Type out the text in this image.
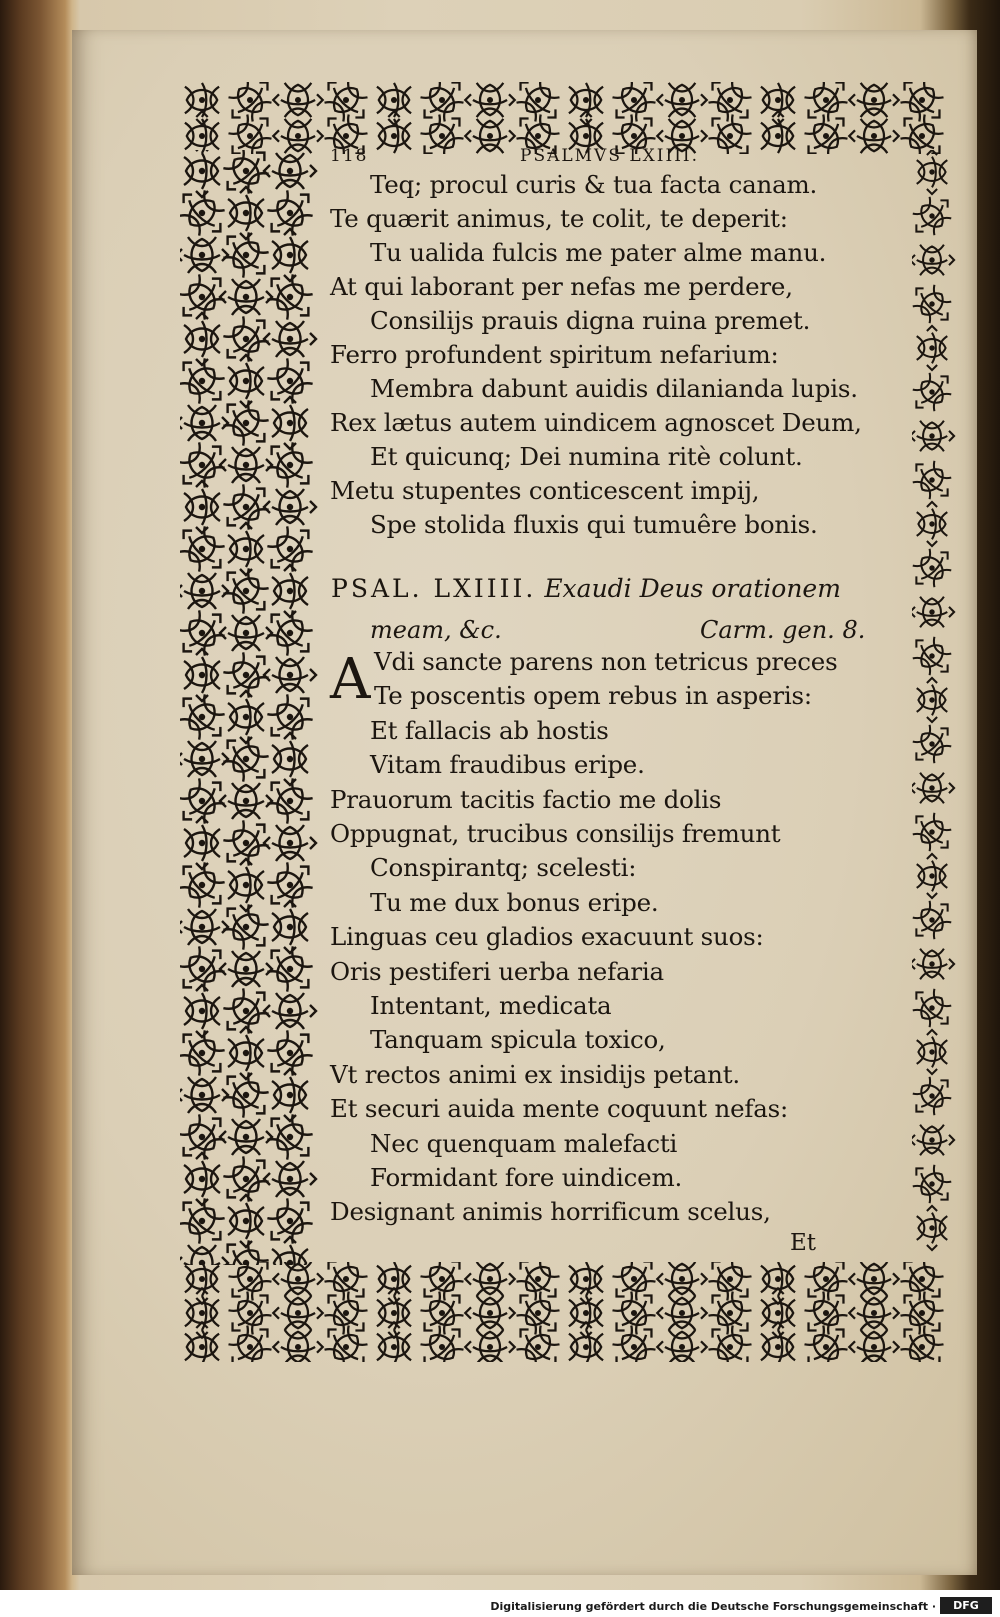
118	PSALMVS LXIIII.
Teq; procul curis & tua facta canam.
Te quærit animus, te colit, te deperit:
Tu ualida fulcis me pater alme manu.
At qui laborant per nefas me perdere,
Consilijs prauis digna ruina premet.
Ferro profundent spiritum nefarium:
Membra dabunt auidis dilanianda lupis.
Rex lætus autem uindicem agnoscet Deum,
Et quicunq; Dei numina ritè colunt.
Metu stupentes conticescent impij,
Spe stolida fluxis qui tumuêre bonis.
PSAL. LXIIII. Exaudi Deus orationem
meam, &c.	Carm. gen. 8.
A Vdi sancte parens non tetricus preces
Te poscentis opem rebus in asperis:
Et fallacis ab hostis
Vitam fraudibus eripe.
Prauorum tacitis factio me dolis
Oppugnat, trucibus consilijs fremunt
Conspirantq; scelesti:
Tu me dux bonus eripe.
Linguas ceu gladios exacuunt suos:
Oris pestiferi uerba nefaria
Intentant, medicata
Tanquam spicula toxico,
Vt rectos animi ex insidijs petant.
Et securi auida mente coquunt nefas:
Nec quenquam malefacti
Formidant fore uindicem.
Designant animis horrificum scelus,
Et
Digitalisierung gefördert durch die Deutsche Forschungsgemeinschaft ·	DFG
